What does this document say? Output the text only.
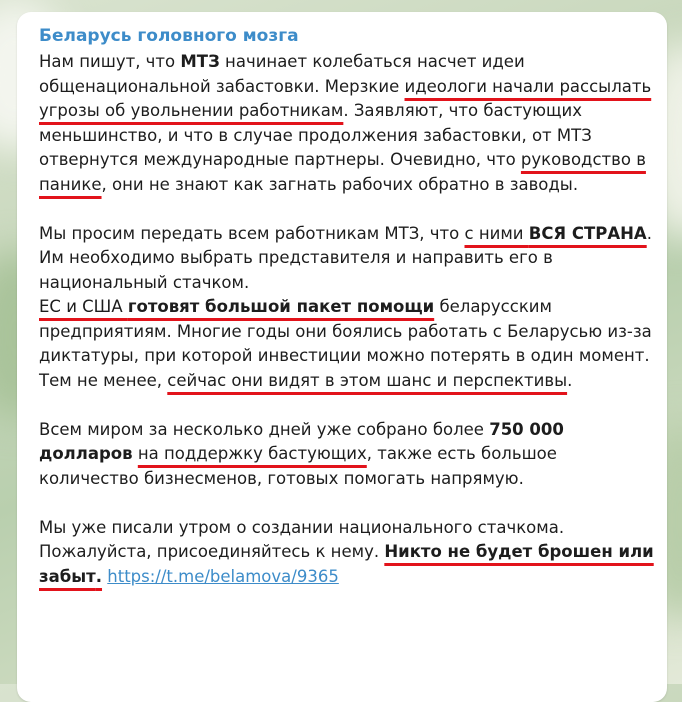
Беларусь головного мозга

Нам пишут, что МТЗ начинает колебаться насчет идеи общенациональной забастовки. Мерзкие идеологи начали рассылать угрозы об увольнении работникам. Заявляют, что бастующих меньшинство, и что в случае продолжения забастовки, от МТЗ отвернутся международные партнеры. Очевидно, что руководство в панике, они не знают как загнать рабочих обратно в заводы.

Мы просим передать всем работникам МТЗ, что с ними ВСЯ СТРАНА. Им необходимо выбрать представителя и направить его в национальный стачком.
ЕС и США готовят большой пакет помощи беларусским предприятиям. Многие годы они боялись работать с Беларусью из-за диктатуры, при которой инвестиции можно потерять в один момент. Тем не менее, сейчас они видят в этом шанс и перспективы.

Всем миром за несколько дней уже собрано более 750 000 долларов на поддержку бастующих, также есть большое количество бизнесменов, готовых помогать напрямую.

Мы уже писали утром о создании национального стачкома. Пожалуйста, присоединяйтесь к нему. Никто не будет брошен или забыт. https://t.me/belamova/9365
